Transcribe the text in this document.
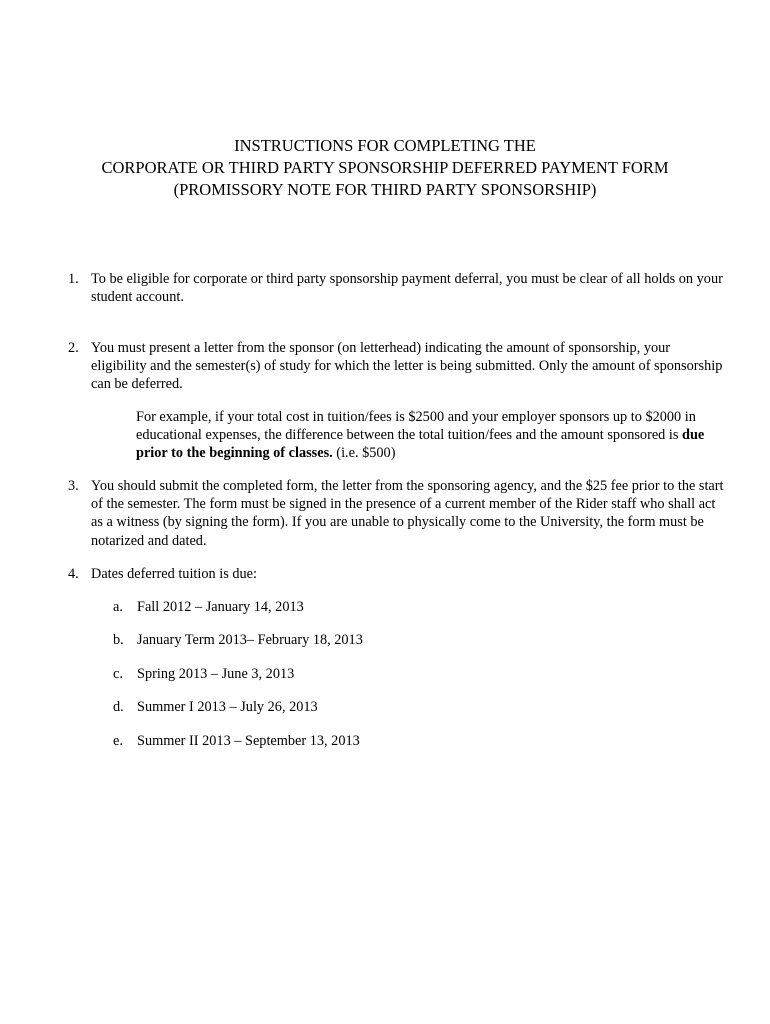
INSTRUCTIONS FOR COMPLETING THE
CORPORATE OR THIRD PARTY SPONSORSHIP DEFERRED PAYMENT FORM
(PROMISSORY NOTE FOR THIRD PARTY SPONSORSHIP)
1. To be eligible for corporate or third party sponsorship payment deferral, you must be clear of all holds on your student account.
2. You must present a letter from the sponsor (on letterhead) indicating the amount of sponsorship, your eligibility and the semester(s) of study for which the letter is being submitted. Only the amount of sponsorship can be deferred.
For example, if your total cost in tuition/fees is $2500 and your employer sponsors up to $2000 in educational expenses, the difference between the total tuition/fees and the amount sponsored is due prior to the beginning of classes. (i.e. $500)
3. You should submit the completed form, the letter from the sponsoring agency, and the $25 fee prior to the start of the semester. The form must be signed in the presence of a current member of the Rider staff who shall act as a witness (by signing the form). If you are unable to physically come to the University, the form must be notarized and dated.
4. Dates deferred tuition is due:
a. Fall 2012 – January 14, 2013
b. January Term 2013– February 18, 2013
c. Spring 2013 – June 3, 2013
d. Summer I 2013 – July 26, 2013
e. Summer II 2013 – September 13, 2013
